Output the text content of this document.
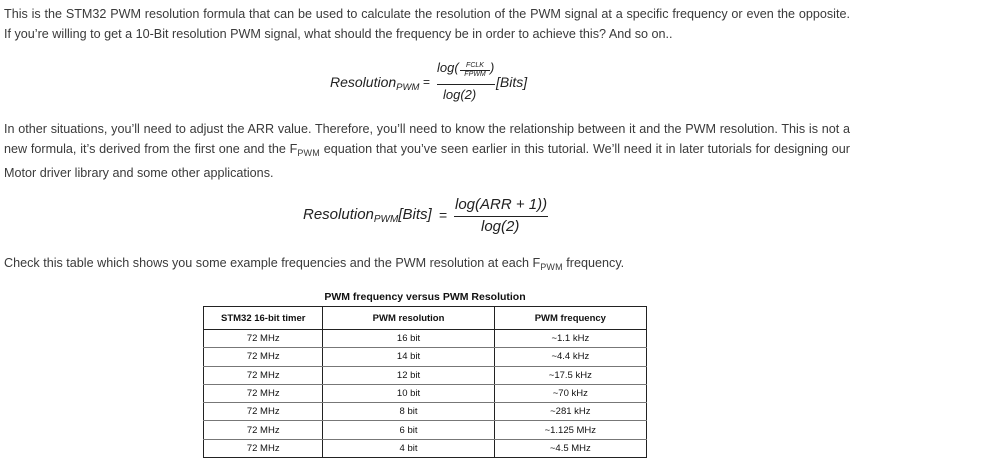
This is the STM32 PWM resolution formula that can be used to calculate the resolution of the PWM signal at a specific frequency or even the opposite. If you’re willing to get a 10-Bit resolution PWM signal, what should the frequency be in order to achieve this? And so on..

Resolution$_{PWM}$ =
log(	FCLK
FPWM )
log(2)
[Bits]

In other situations, you’ll need to adjust the ARR value. Therefore, you’ll need to know the relationship between it and the PWM resolution. This is not a new formula, it’s derived from the first one and the $F_{PWM}$ equation that you’ve seen earlier in this tutorial. We’ll need it in later tutorials for designing our Motor driver library and some other applications.

Resolution$_{PWM}$[Bits] =
log(ARR + 1))
log(2)

Check this table which shows you some example frequencies and the PWM resolution at each $F_{PWM}$ frequency.

PWM frequency versus PWM Resolution
STM32 16-bit timer	PWM resolution	PWM frequency
72 MHz	16 bit	~1.1 kHz
72 MHz	14 bit	~4.4 kHz
72 MHz	12 bit	~17.5 kHz
72 MHz	10 bit	~70 kHz
72 MHz	8 bit	~281 kHz
72 MHz	6 bit	~1.125 MHz
72 MHz	4 bit	~4.5 MHz
